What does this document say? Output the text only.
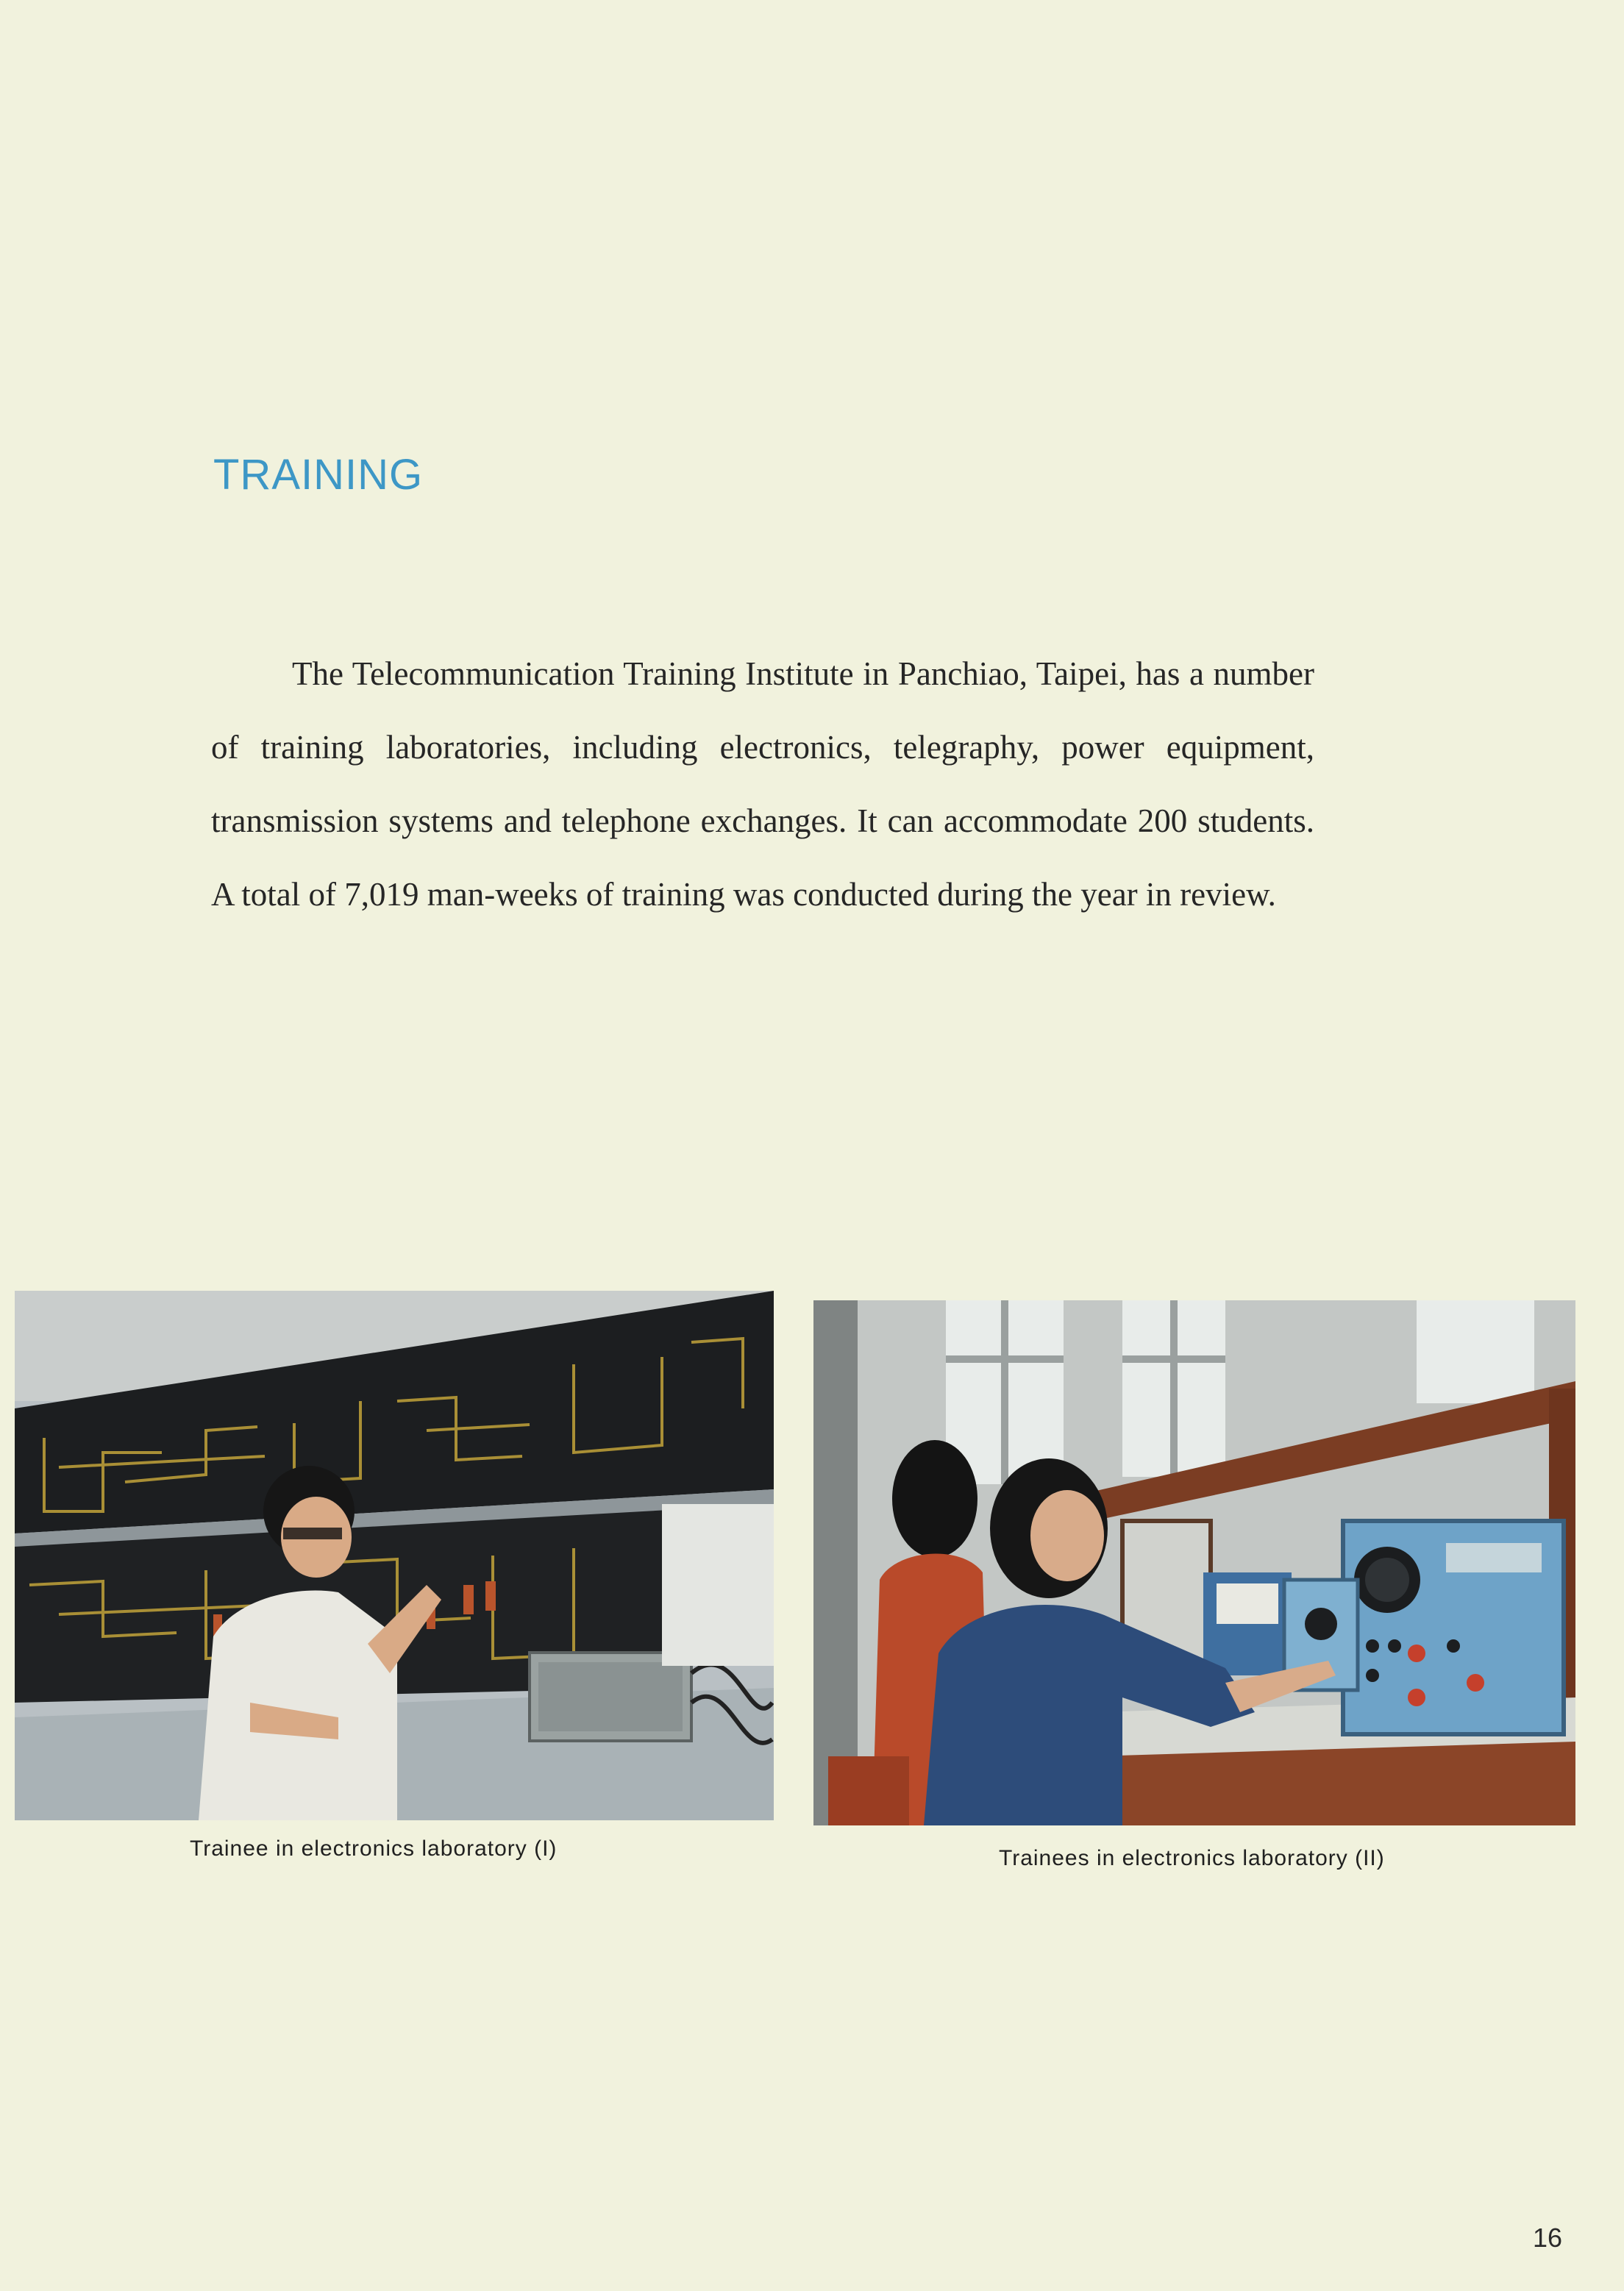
TRAINING

The Telecommunication Training Institute in Panchiao, Taipei, has a number of training laboratories, including electronics, telegraphy, power equipment, transmission systems and telephone exchanges. It can accommodate 200 students. A total of 7,019 man-weeks of training was conducted during the year in review.

Trainee in electronics laboratory (I)	Trainees in electronics laboratory (II)

16
